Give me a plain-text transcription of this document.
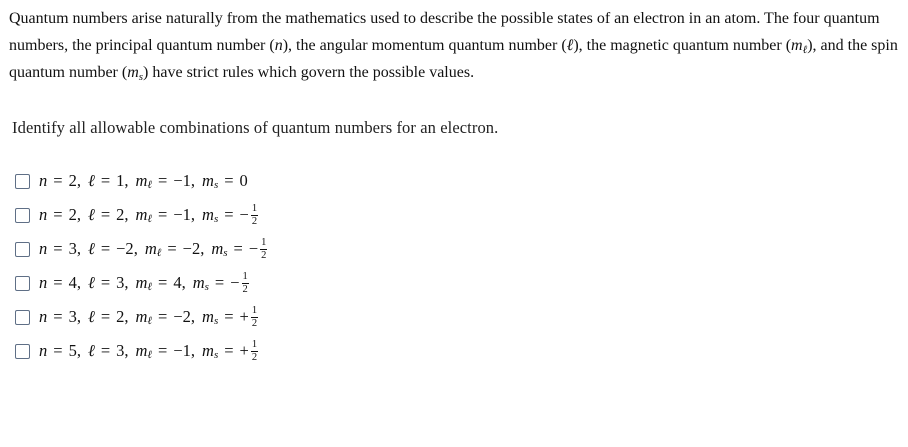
Quantum numbers arise naturally from the mathematics used to describe the possible states of an electron in an atom. The four quantum numbers, the principal quantum number (n), the angular momentum quantum number (ℓ), the magnetic quantum number (mℓ), and the spin quantum number (ms) have strict rules which govern the possible values.

Identify all allowable combinations of quantum numbers for an electron.

n = 2 , ℓ = 1 , m ℓ = −1 , m s = 0
n = 2 , ℓ = 2 , m ℓ = −1 , m s = − $\frac{1}{2}$
n = 3 , ℓ = −2 , m ℓ = −2 , m s = − $\frac{1}{2}$
n = 4 , ℓ = 3 , m ℓ = 4 , m s = − $\frac{1}{2}$
n = 3 , ℓ = 2 , m ℓ = −2 , m s = + $\frac{1}{2}$
n = 5 , ℓ = 3 , m ℓ = −1 , m s = + $\frac{1}{2}$
